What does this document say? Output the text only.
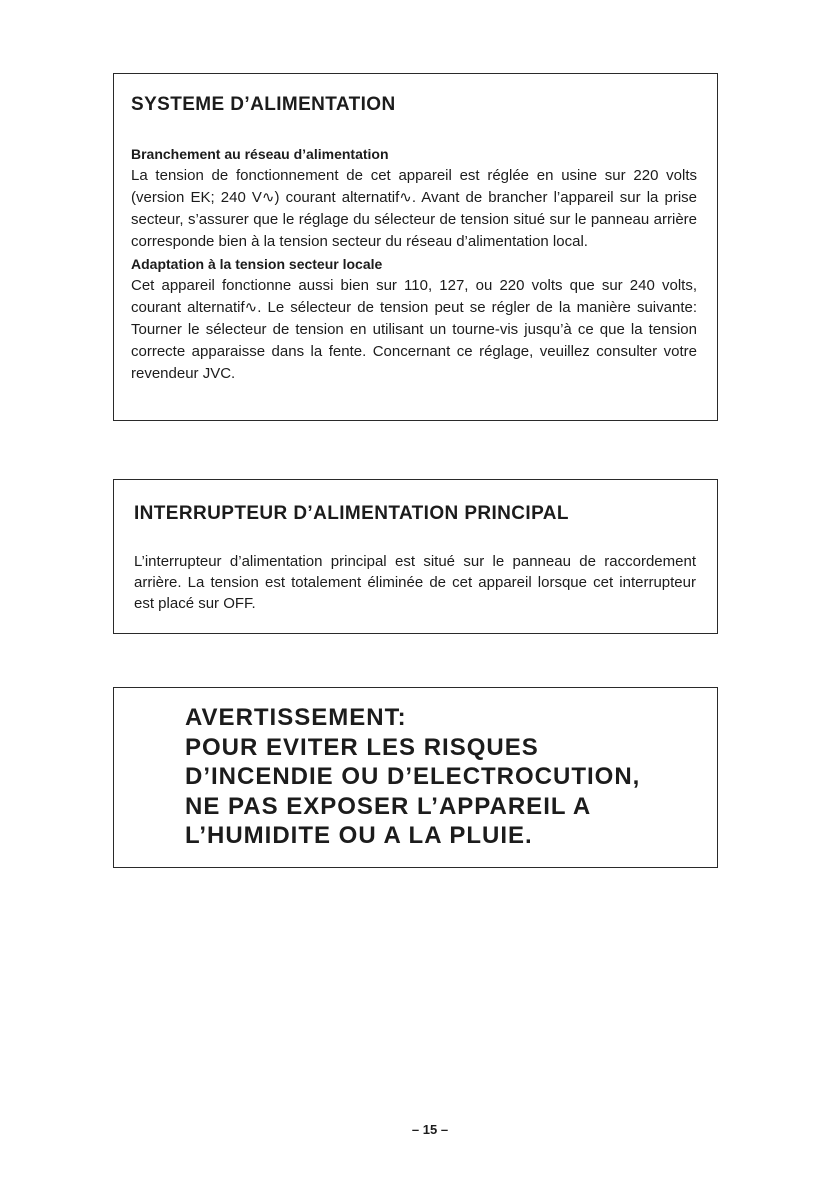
SYSTEME D’ALIMENTATION
Branchement au réseau d’alimentation

La tension de fonctionnement de cet appareil est réglée en usine sur 220 volts (version EK; 240 V∿) courant alternatif∿. Avant de brancher l’appareil sur la prise secteur, s’assurer que le réglage du sélecteur de tension situé sur le panneau arrière corresponde bien à la tension secteur du réseau d’alimentation local.

Adaptation à la tension secteur locale

Cet appareil fonctionne aussi bien sur 110, 127, ou 220 volts que sur 240 volts, courant alternatif∿. Le sélecteur de tension peut se régler de la manière suivante: Tourner le sélecteur de tension en utilisant un tourne-vis jusqu’à ce que la tension correcte apparaisse dans la fente. Concernant ce réglage, veuillez consulter votre revendeur JVC.

INTERRUPTEUR D’ALIMENTATION PRINCIPAL

L’interrupteur d’alimentation principal est situé sur le panneau de raccordement arrière. La tension est totalement éliminée de cet appareil lorsque cet interrupteur est placé sur OFF.

AVERTISSEMENT:
POUR EVITER LES RISQUES
D’INCENDIE OU D’ELECTROCUTION,
NE PAS EXPOSER L’APPAREIL A
L’HUMIDITE OU A LA PLUIE.

– 15 –
